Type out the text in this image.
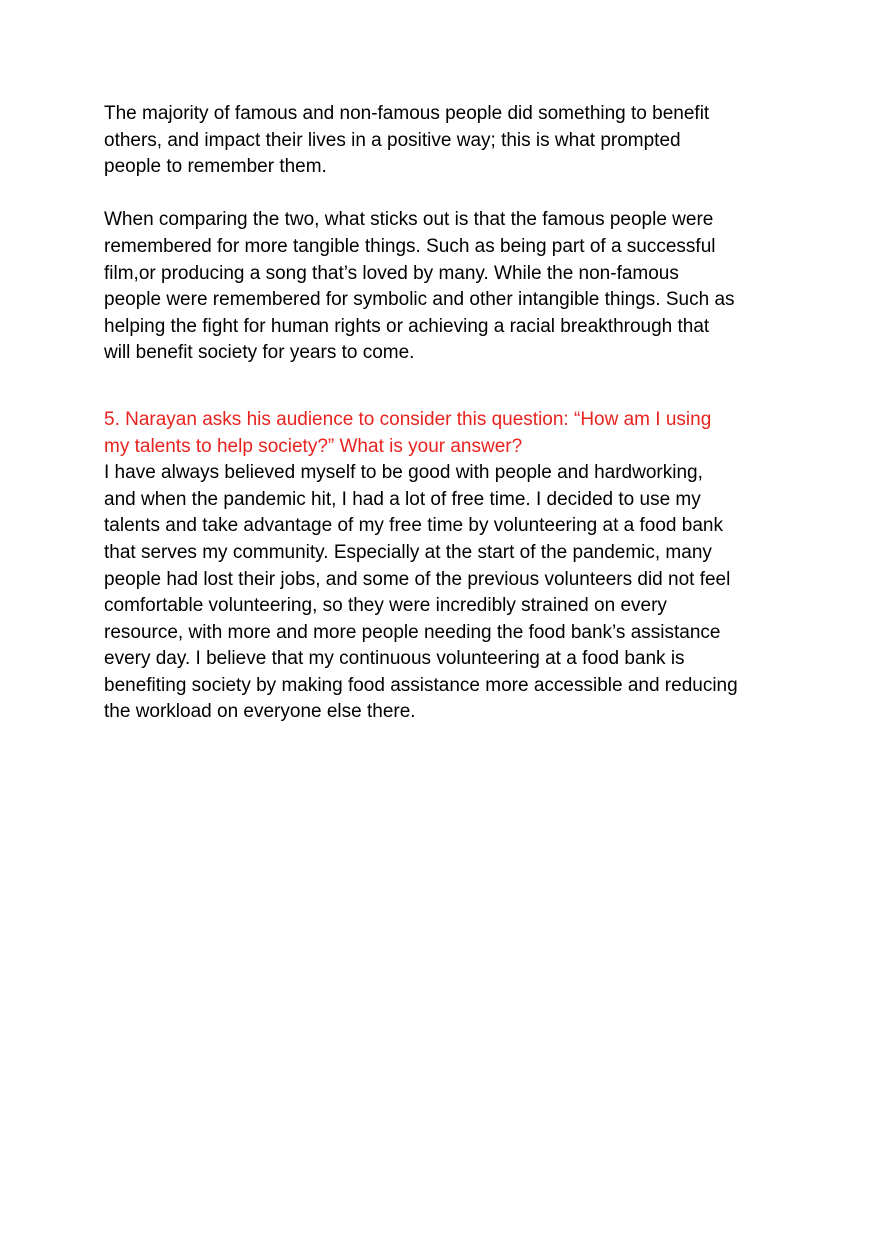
The majority of famous and non-famous people did something to benefit
others, and impact their lives in a positive way; this is what prompted
people to remember them.

When comparing the two, what sticks out is that the famous people were
remembered for more tangible things. Such as being part of a successful
film,or producing a song that’s loved by many. While the non-famous
people were remembered for symbolic and other intangible things. Such as
helping the fight for human rights or achieving a racial breakthrough that
will benefit society for years to come.

5. Narayan asks his audience to consider this question: “How am I using
my talents to help society?” What is your answer?

I have always believed myself to be good with people and hardworking,
and when the pandemic hit, I had a lot of free time. I decided to use my
talents and take advantage of my free time by volunteering at a food bank
that serves my community. Especially at the start of the pandemic, many
people had lost their jobs, and some of the previous volunteers did not feel
comfortable volunteering, so they were incredibly strained on every
resource, with more and more people needing the food bank’s assistance
every day. I believe that my continuous volunteering at a food bank is
benefiting society by making food assistance more accessible and reducing
the workload on everyone else there.
